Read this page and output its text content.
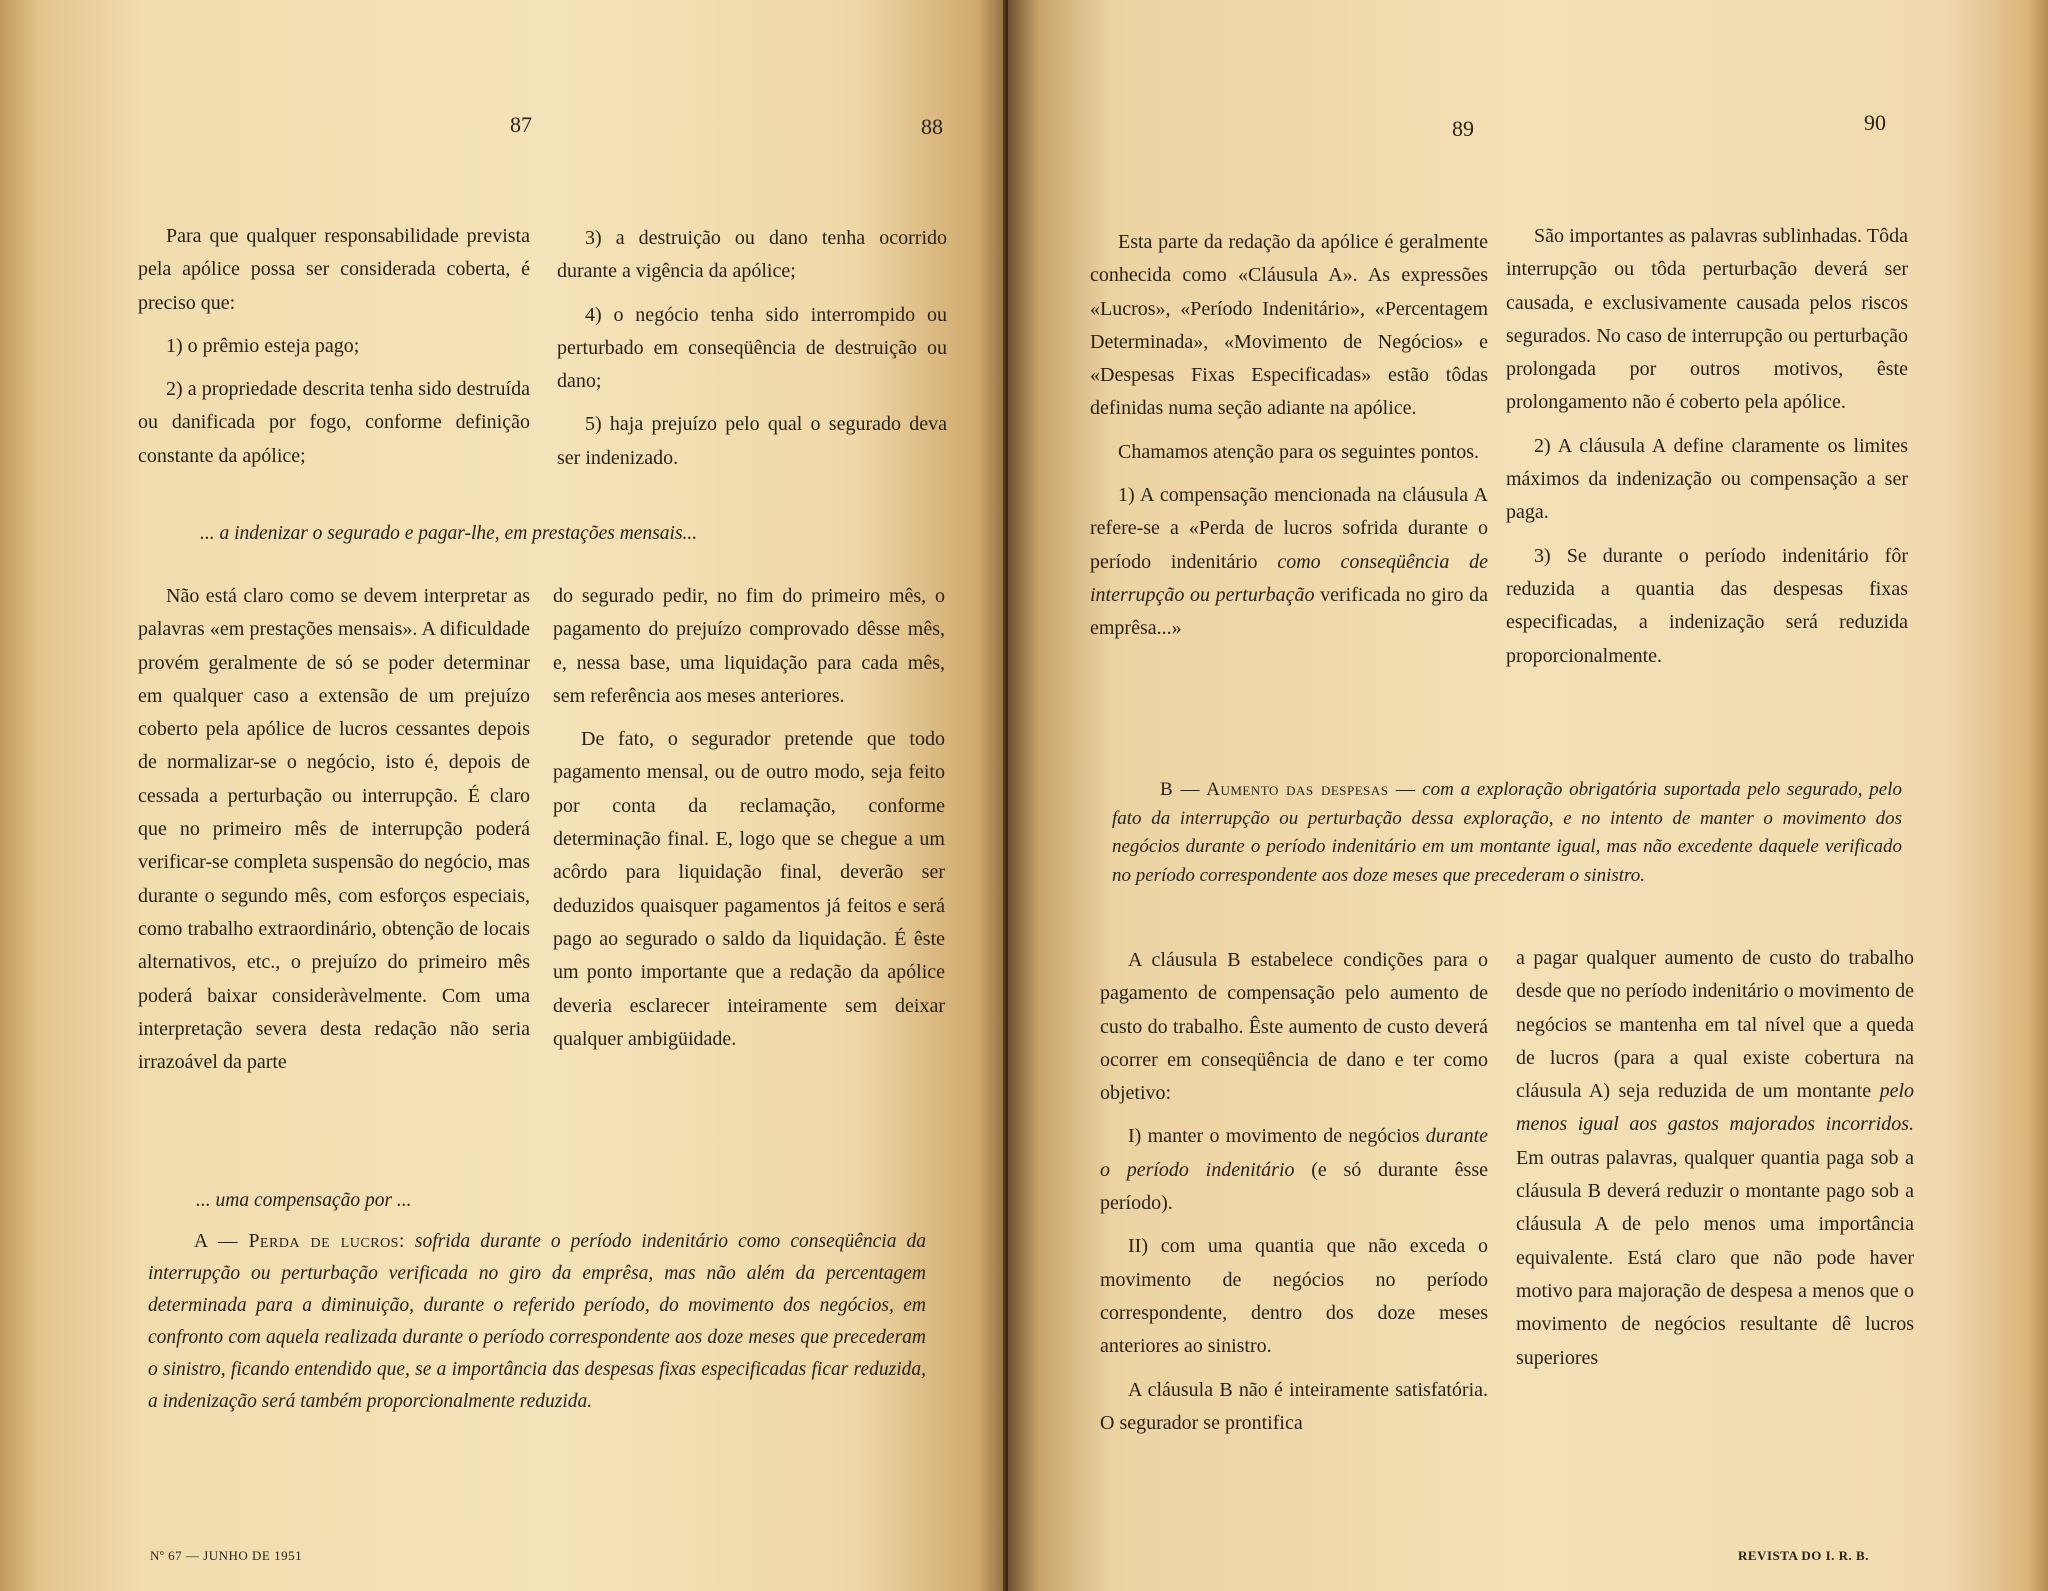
87	88

Para que qualquer responsabilidade prevista pela apólice possa ser considerada coberta, é preciso que:

1) o prêmio esteja pago;

2) a propriedade descrita tenha sido destruída ou danificada por fogo, conforme definição constante da apólice;

3) a destruição ou dano tenha ocorrido durante a vigência da apólice;

4) o negócio tenha sido interrompido ou perturbado em conseqüência de destruição ou dano;

5) haja prejuízo pelo qual o segurado deva ser indenizado.

... a indenizar o segurado e pagar-lhe, em prestações mensais...

Não está claro como se devem interpretar as palavras «em prestações mensais». A dificuldade provém geralmente de só se poder determinar em qualquer caso a extensão de um prejuízo coberto pela apólice de lucros cessantes depois de normalizar-se o negócio, isto é, depois de cessada a perturbação ou interrupção. É claro que no primeiro mês de interrupção poderá verificar-se completa suspensão do negócio, mas durante o segundo mês, com esforços especiais, como trabalho extraordinário, obtenção de locais alternativos, etc., o prejuízo do primeiro mês poderá baixar consideràvelmente. Com uma interpretação severa desta redação não seria irrazoável da parte

do segurado pedir, no fim do primeiro mês, o pagamento do prejuízo comprovado dêsse mês, e, nessa base, uma liquidação para cada mês, sem referência aos meses anteriores.

De fato, o segurador pretende que todo pagamento mensal, ou de outro modo, seja feito por conta da reclamação, conforme determinação final. E, logo que se chegue a um acôrdo para liquidação final, deverão ser deduzidos quaisquer pagamentos já feitos e será pago ao segurado o saldo da liquidação. É êste um ponto importante que a redação da apólice deveria esclarecer inteiramente sem deixar qualquer ambigüidade.

... uma compensação por ...

A — Perda de lucros: sofrida durante o período indenitário como conseqüência da interrupção ou perturbação verificada no giro da emprêsa, mas não além da percentagem determinada para a diminuição, durante o referido período, do movimento dos negócios, em confronto com aquela realizada durante o período correspondente aos doze meses que precederam o sinistro, ficando entendido que, se a importância das despesas fixas especificadas ficar reduzida, a indenização será também proporcionalmente reduzida.

Nº 67 — JUNHO DE 1951
89	90

Esta parte da redação da apólice é geralmente conhecida como «Cláusula A». As expressões «Lucros», «Período Indenitário», «Percentagem Determinada», «Movimento de Negócios» e «Despesas Fixas Especificadas» estão tôdas definidas numa seção adiante na apólice.

Chamamos atenção para os seguintes pontos.

1) A compensação mencionada na cláusula A refere-se a «Perda de lucros sofrida durante o período indenitário como conseqüência de interrupção ou perturbação verificada no giro da emprêsa...»

São importantes as palavras sublinhadas. Tôda interrupção ou tôda perturbação deverá ser causada, e exclusivamente causada pelos riscos segurados. No caso de interrupção ou perturbação prolongada por outros motivos, êste prolongamento não é coberto pela apólice.

2) A cláusula A define claramente os limites máximos da indenização ou compensação a ser paga.

3) Se durante o período indenitário fôr reduzida a quantia das despesas fixas especificadas, a indenização será reduzida proporcionalmente.

B — Aumento das despesas — com a exploração obrigatória suportada pelo segurado, pelo fato da interrupção ou perturbação dessa exploração, e no intento de manter o movimento dos negócios durante o período indenitário em um montante igual, mas não excedente daquele verificado no período correspondente aos doze meses que precederam o sinistro.

A cláusula B estabelece condições para o pagamento de compensação pelo aumento de custo do trabalho. Êste aumento de custo deverá ocorrer em conseqüência de dano e ter como objetivo:

I) manter o movimento de negócios durante o período indenitário (e só durante êsse período).

II) com uma quantia que não exceda o movimento de negócios no período correspondente, dentro dos doze meses anteriores ao sinistro.

A cláusula B não é inteiramente satisfatória. O segurador se prontifica

a pagar qualquer aumento de custo do trabalho desde que no período indenitário o movimento de negócios se mantenha em tal nível que a queda de lucros (para a qual existe cobertura na cláusula A) seja reduzida de um montante pelo menos igual aos gastos majorados incorridos. Em outras palavras, qualquer quantia paga sob a cláusula B deverá reduzir o montante pago sob a cláusula A de pelo menos uma importância equivalente. Está claro que não pode haver motivo para majoração de despesa a menos que o movimento de negócios resultante dê lucros superiores

REVISTA DO I. R. B.
